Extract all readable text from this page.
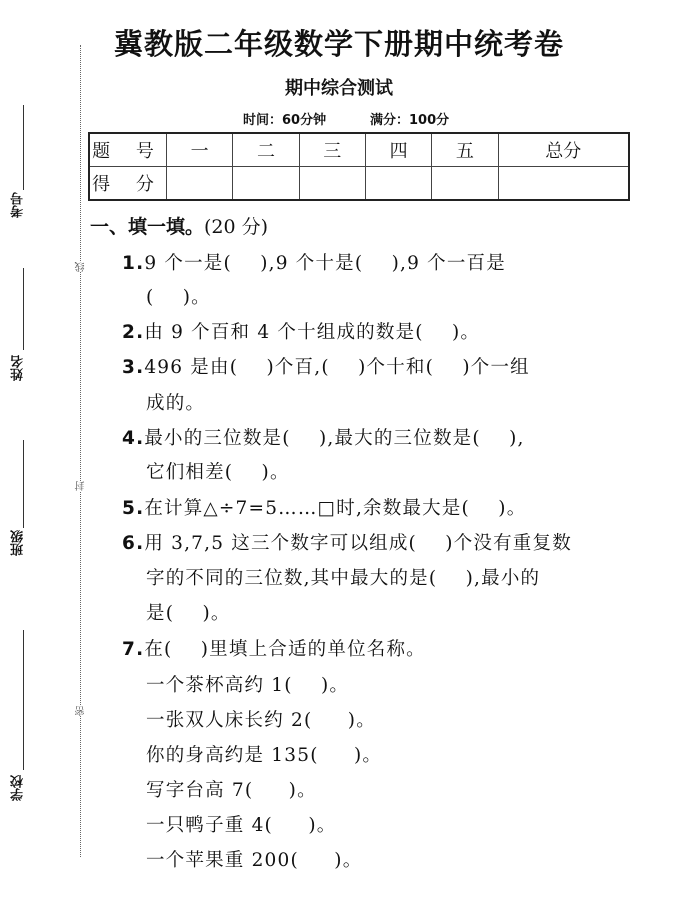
考号
姓名
班级
学校
线
封
密
冀教版二年级数学下册期中统考卷
期中综合测试
时间：60分钟	满分：100分
题 号	一	二	三	四	五	总分
得 分						
一、填一填。(20 分)
1.9 个一是(    ),9 个十是(    ),9 个一百是
(    )。
2.由 9 个百和 4 个十组成的数是(    )。
3.496 是由(    )个百,(    )个十和(    )个一组
成的。
4.最小的三位数是(    ),最大的三位数是(    ),
它们相差(    )。
5.在计算△÷7=5……□时,余数最大是(    )。
6.用 3,7,5 这三个数字可以组成(    )个没有重复数
字的不同的三位数,其中最大的是(    ),最小的
是(    )。
7.在(    )里填上合适的单位名称。
一个茶杯高约 1(    )。
一张双人床长约 2(     )。
你的身高约是 135(     )。
写字台高 7(     )。
一只鸭子重 4(     )。
一个苹果重 200(     )。
